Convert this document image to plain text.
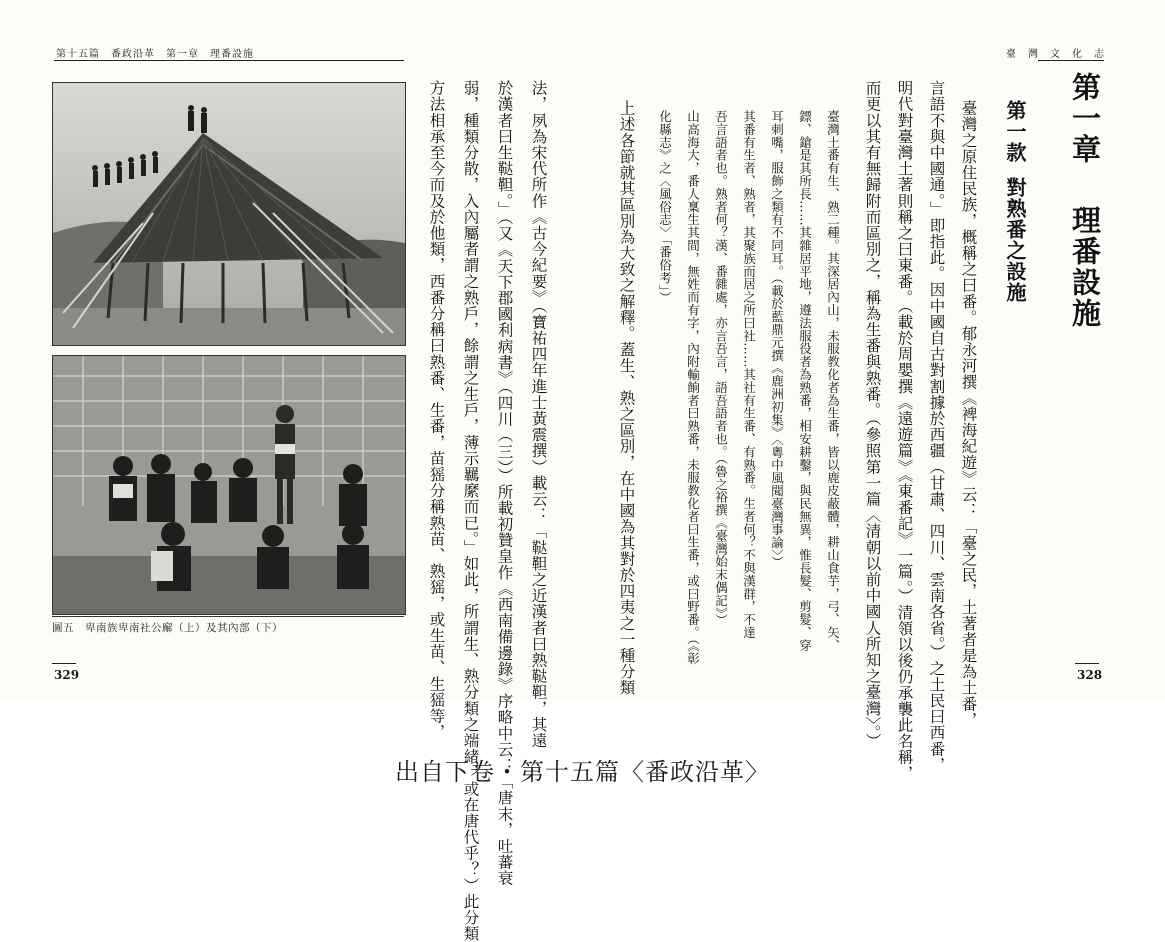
第十五篇　番政沿革　第一章　理番設施
圖五　卑南族卑南社公廨（上）及其內部（下）	法，夙為宋代所作《古今紀要》（寶祐四年進士黃震撰）載云：「鞑靼之近漢者曰熟鞑靼，其遠
於漢者曰生鞑靼。」（又《天下郡國利病書》（四川（三））所載初贊皇作《西南備邊錄》序略中云：「唐末，吐蕃衰
弱，種類分散，入內屬者謂之熟戶，餘謂之生戶，薄示羈縻而已。」如此，所謂生、熟分類之端緒，或在唐代乎？）此分類
方法相承至今而及於他類，西番分稱曰熟番、生番，苗猺分稱熟苗、熟猺，或生苗、生猺等，
329
臺　灣　文　化　志
第一章理番設施
第一款對熟番之設施
臺灣之原住民族，概稱之曰番。郁永河撰《裨海紀遊》云：「臺之民，土著者是為土番，
言語不與中國通。」即指此。因中國自古對割據於西疆（甘肅、四川、雲南各省。）之土民曰西番，
明代對臺灣土著則稱之曰東番。（載於周嬰撰《遠遊篇》《東番記》一篇。）清領以後仍承襲此名稱，
而更以其有無歸附而區別之，稱為生番與熟番。（參照第一篇〈清朝以前中國人所知之臺灣〉。）
臺灣土番有生、熟二種。其深居內山，未服教化者為生番，皆以鹿皮蔽體，耕山食芋，弓、矢、
鏢、鎗是其所長……其雜居平地，遵法服役者為熟番，相安耕鑿，與民無異，惟長髮、剪髮、穿
耳刺嘴，服飾之類有不同耳。（載於藍鼎元撰《鹿洲初集》〈粵中風聞臺灣事論〉）
其番有生者、熟者，其聚族而居之所曰社……其社有生番、有熟番。生者何？不與漢群，不達
吾言語者也。熟者何？漢、番雜處，亦言吾言，語吾語者也。（魯之裕撰《臺灣始末偶記》）
山高海大，番人稟生其間，無姓而有字，內附輸餉者曰熟番，未服教化者曰生番，或曰野番。（《彰
化縣志》之〈風俗志〉「番俗考」）
上述各節就其區別為大致之解釋。蓋生、熟之區別，在中國為其對於四夷之一種分類	328
出自下卷・第十五篇〈番政沿革〉
